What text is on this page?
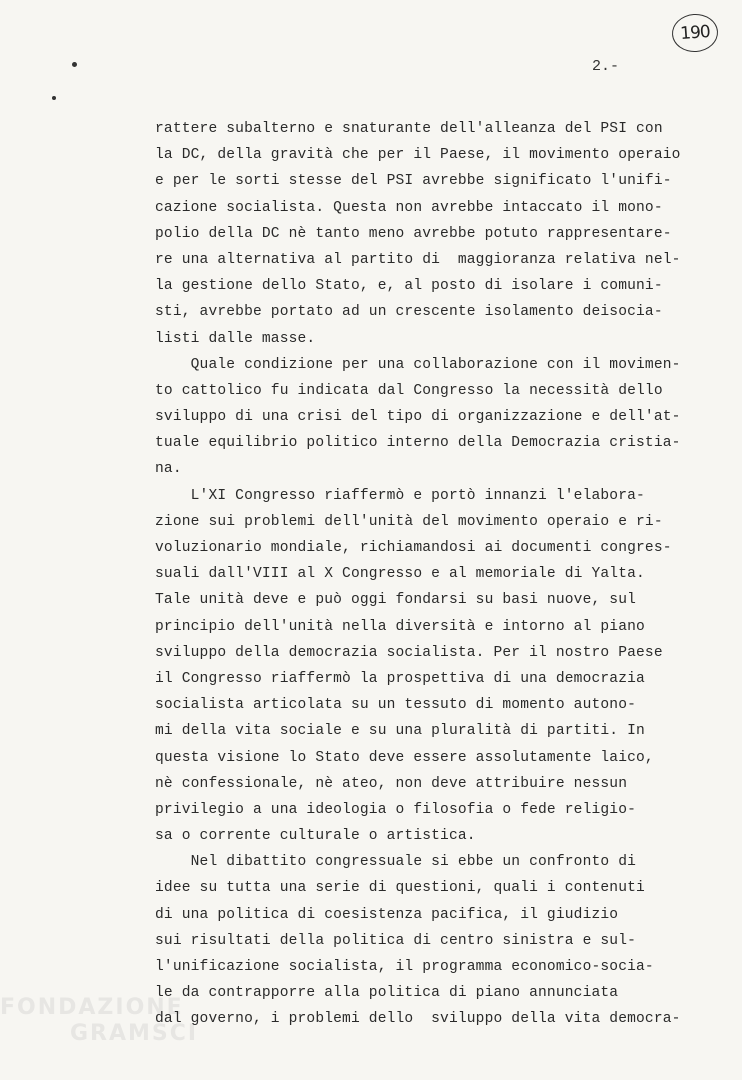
190
2.-
FONDAZIONE
GRAMSCI
rattere subalterno e snaturante dell'alleanza del PSI con
la DC, della gravità che per il Paese, il movimento operaio
e per le sorti stesse del PSI avrebbe significato l'unifi-
cazione socialista. Questa non avrebbe intaccato il mono-
polio della DC nè tanto meno avrebbe potuto rappresentare-
re una alternativa al partito di  maggioranza relativa nel-
la gestione dello Stato, e, al posto di isolare i comuni-
sti, avrebbe portato ad un crescente isolamento deisocia-
listi dalle masse.
Quale condizione per una collaborazione con il movimen-
to cattolico fu indicata dal Congresso la necessità dello
sviluppo di una crisi del tipo di organizzazione e dell'at-
tuale equilibrio politico interno della Democrazia cristia-
na.
L'XI Congresso riaffermò e portò innanzi l'elabora-
zione sui problemi dell'unità del movimento operaio e ri-
voluzionario mondiale, richiamandosi ai documenti congres-
suali dall'VIII al X Congresso e al memoriale di Yalta.
Tale unità deve e può oggi fondarsi su basi nuove, sul
principio dell'unità nella diversità e intorno al piano
sviluppo della democrazia socialista. Per il nostro Paese
il Congresso riaffermò la prospettiva di una democrazia
socialista articolata su un tessuto di momento autono-
mi della vita sociale e su una pluralità di partiti. In
questa visione lo Stato deve essere assolutamente laico,
nè confessionale, nè ateo, non deve attribuire nessun
privilegio a una ideologia o filosofia o fede religio-
sa o corrente culturale o artistica.
Nel dibattito congressuale si ebbe un confronto di
idee su tutta una serie di questioni, quali i contenuti
di una politica di coesistenza pacifica, il giudizio
sui risultati della politica di centro sinistra e sul-
l'unificazione socialista, il programma economico-socia-
le da contrapporre alla politica di piano annunciata
dal governo, i problemi dello  sviluppo della vita democra-
